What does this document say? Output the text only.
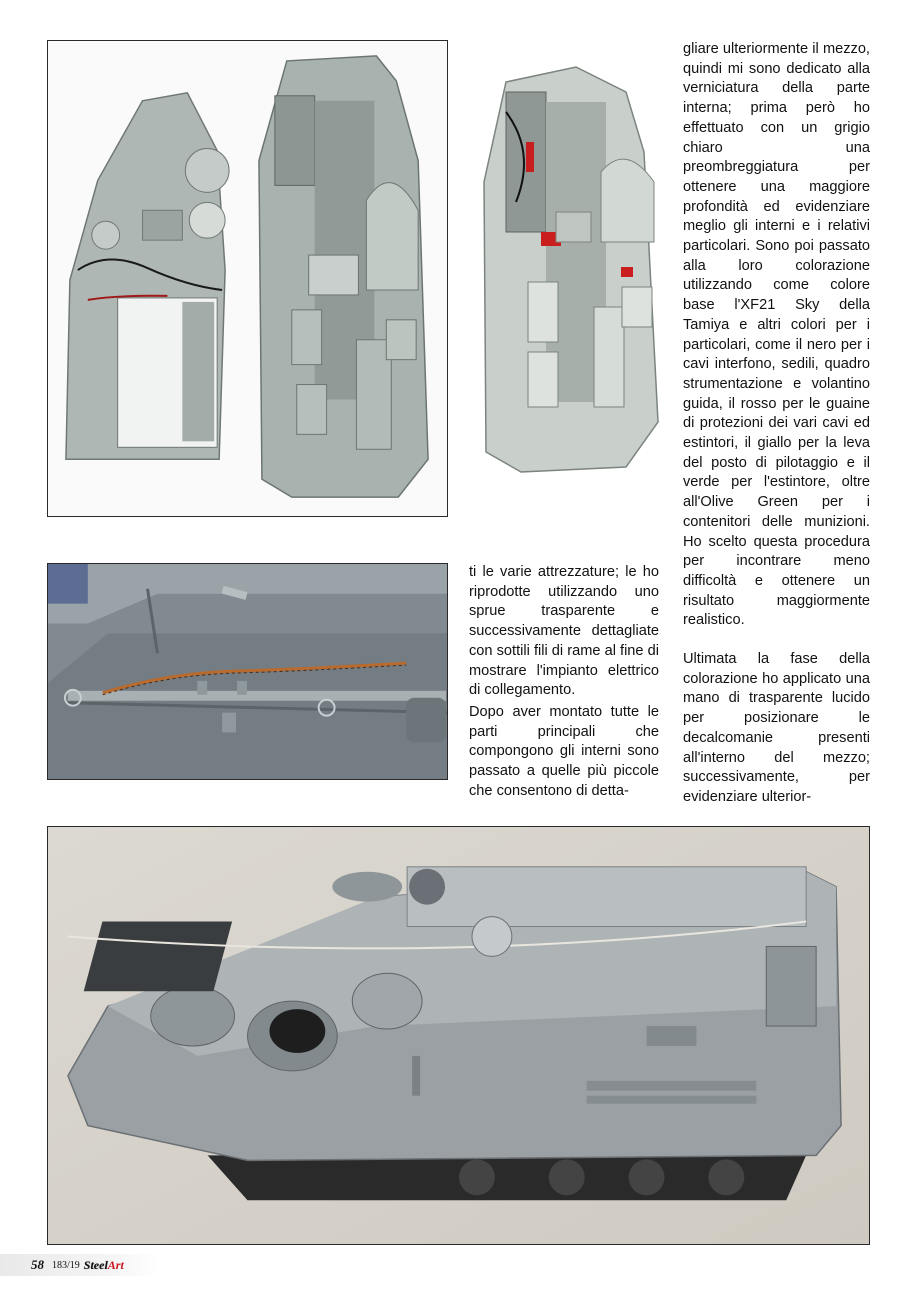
gliare ulteriormente il mezzo, quindi mi sono dedicato alla verniciatura della parte interna; prima però ho effettuato con un grigio chiaro una preombreggiatura per ottenere una maggiore profondità ed evidenziare meglio gli interni e i relativi particolari. Sono poi passato alla loro colorazione utilizzando come colore base l'XF21 Sky della Tamiya e altri colori per i particolari, come il nero per i cavi interfono, sedili, quadro strumentazione e volantino guida, il rosso per le guaine di protezioni dei vari cavi ed estintori, il giallo per la leva del posto di pilotaggio e il verde per l'estintore, oltre all'Olive Green per i contenitori delle munizioni. Ho scelto questa procedura per incontrare meno difficoltà e ottenere un risultato maggiormente realistico.

ti le varie attrezzature; le ho riprodotte utilizzando uno sprue trasparente e successivamente dettagliate con sottili fili di rame al fine di mostrare l'impianto elettrico di collegamento.

Dopo aver montato tutte le parti principali che compongono gli interni sono passato a quelle più piccole che consentono di detta-

Ultimata la fase della colorazione ho applicato una mano di trasparente lucido per posizionare le decalcomanie presenti all'interno del mezzo; successivamente, per evidenziare ulterior-

58 183/19 SteelArt
